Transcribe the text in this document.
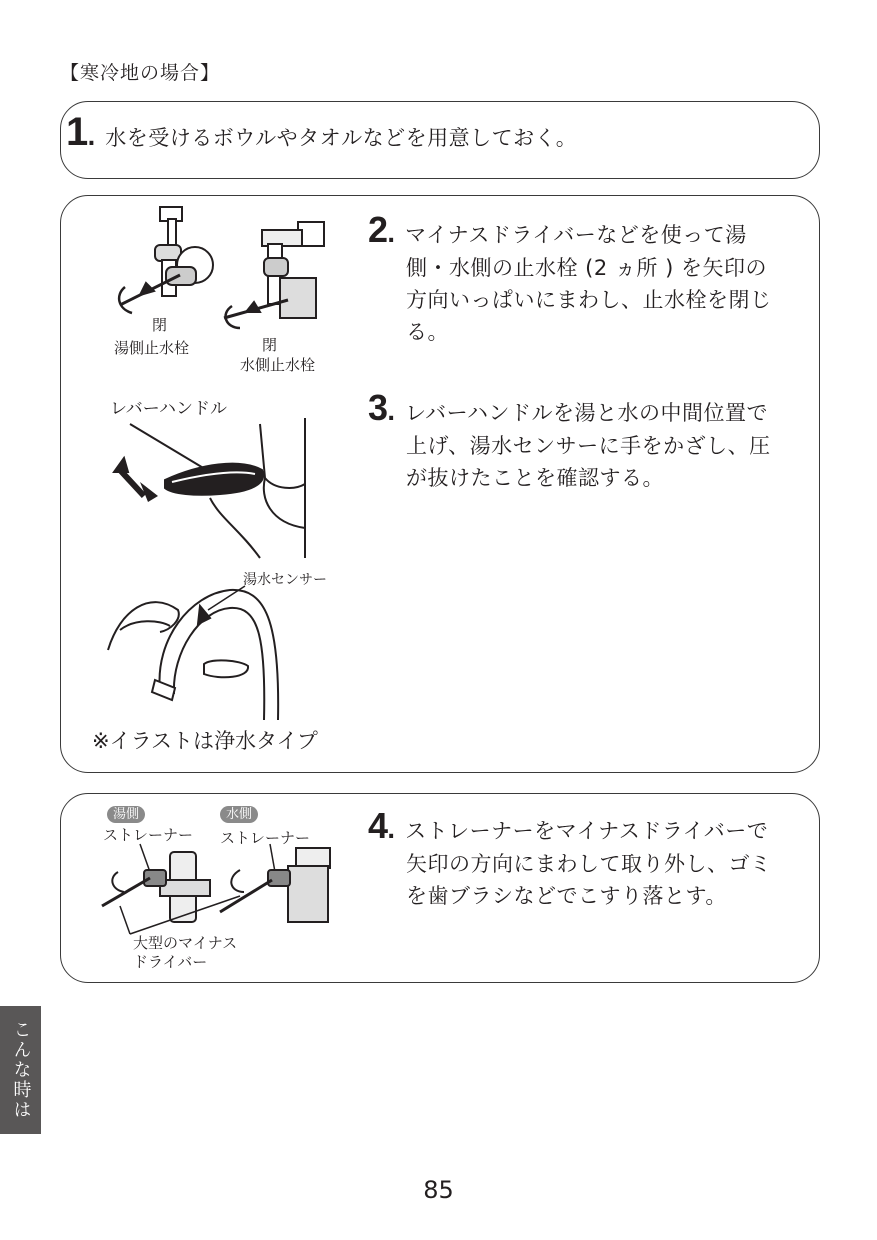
【寒冷地の場合】
1. 水を受けるボウルやタオルなどを用意しておく。
2. マイナスドライバーなどを使って湯
側・水側の止水栓 (2 ヵ所 ) を矢印の
方向いっぱいにまわし、止水栓を閉じ
る。
3. レバーハンドルを湯と水の中間位置で
上げ、湯水センサーに手をかざし、圧
が抜けたことを確認する。
閉
湯側止水栓	閉
水側止水栓
レバーハンドル
湯水センサー
※イラストは浄水タイプ
4. ストレーナーをマイナスドライバーで
矢印の方向にまわして取り外し、ゴミ
を歯ブラシなどでこすり落とす。
湯側	水側
ストレーナー ストレーナー
大型のマイナス
ドライバー
こんな時は
85
